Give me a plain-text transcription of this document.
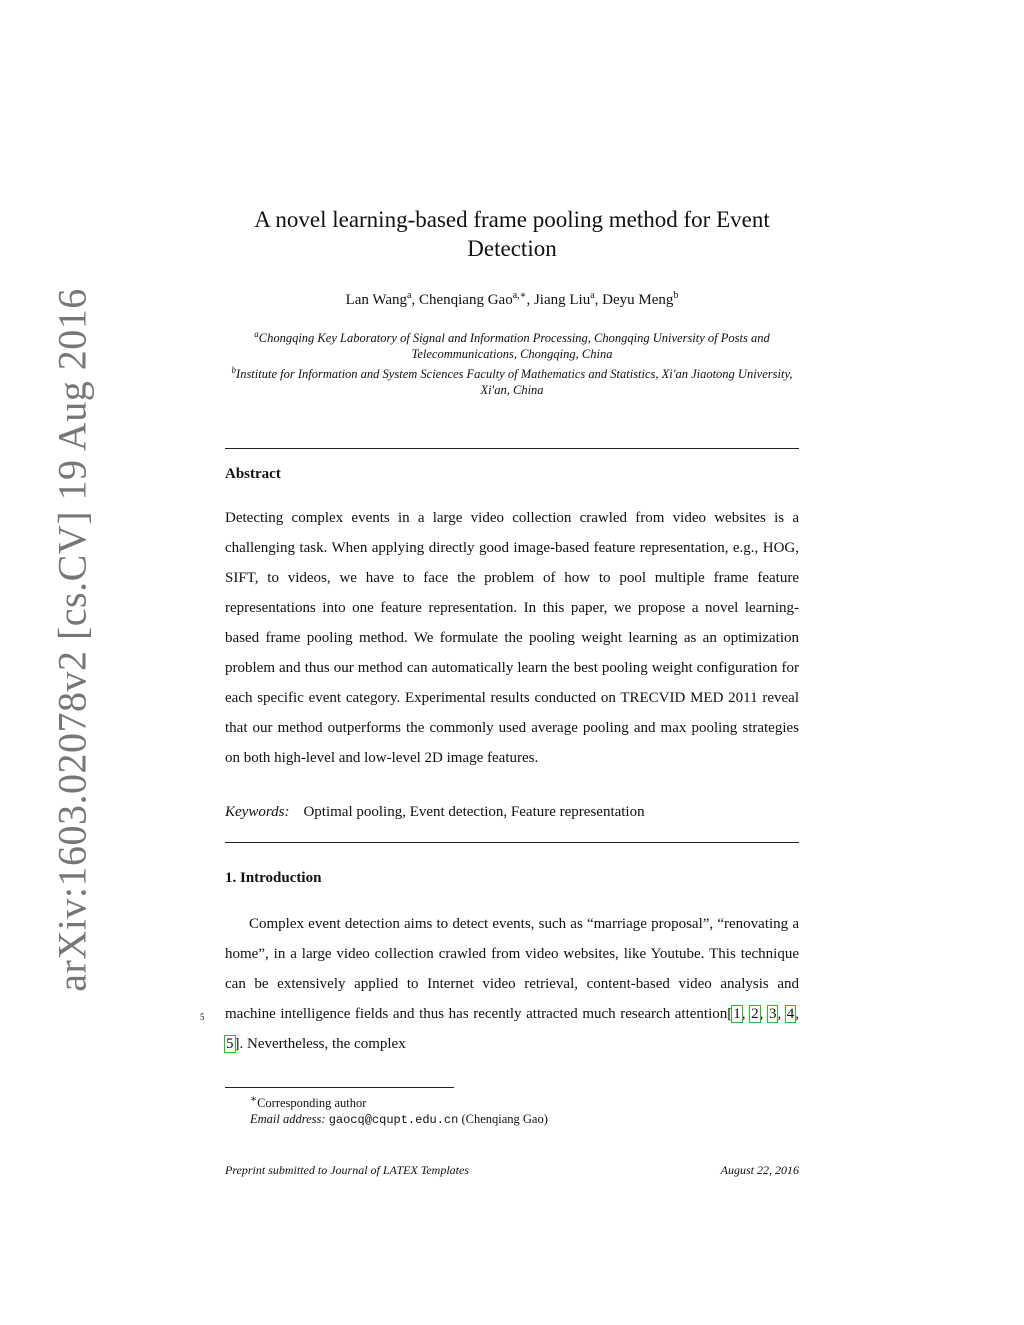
arXiv:1603.02078v2 [cs.CV] 19 Aug 2016
A novel learning-based frame pooling method for Event Detection
Lan Wang$^a$, Chenqiang Gao$^{a,∗}$, Jiang Liu$^a$, Deyu Meng$^b$
$^a$Chongqing Key Laboratory of Signal and Information Processing, Chongqing University of Posts and Telecommunications, Chongqing, China
$^b$Institute for Information and System Sciences Faculty of Mathematics and Statistics, Xi'an Jiaotong University, Xi'an, China
Abstract
Detecting complex events in a large video collection crawled from video websites is a challenging task. When applying directly good image-based feature representation, e.g., HOG, SIFT, to videos, we have to face the problem of how to pool multiple frame feature representations into one feature representation. In this paper, we propose a novel learning-based frame pooling method. We formulate the pooling weight learning as an optimization problem and thus our method can automatically learn the best pooling weight configuration for each specific event category. Experimental results conducted on TRECVID MED 2011 reveal that our method outperforms the commonly used average pooling and max pooling strategies on both high-level and low-level 2D image features.
Keywords: Optimal pooling, Event detection, Feature representation
1. Introduction
Complex event detection aims to detect events, such as “marriage proposal”, “renovating a home”, in a large video collection crawled from video websites, like Youtube. This technique can be extensively applied to Internet video retrieval, content-based video analysis and machine intelligence fields and thus has recently attracted much research attention[1, 2, 3, 4, 5]. Nevertheless, the complex
5
∗Corresponding author
Email address: gaocq@cqupt.edu.cn (Chenqiang Gao)
Preprint submitted to Journal of LATEX Templates	August 22, 2016
